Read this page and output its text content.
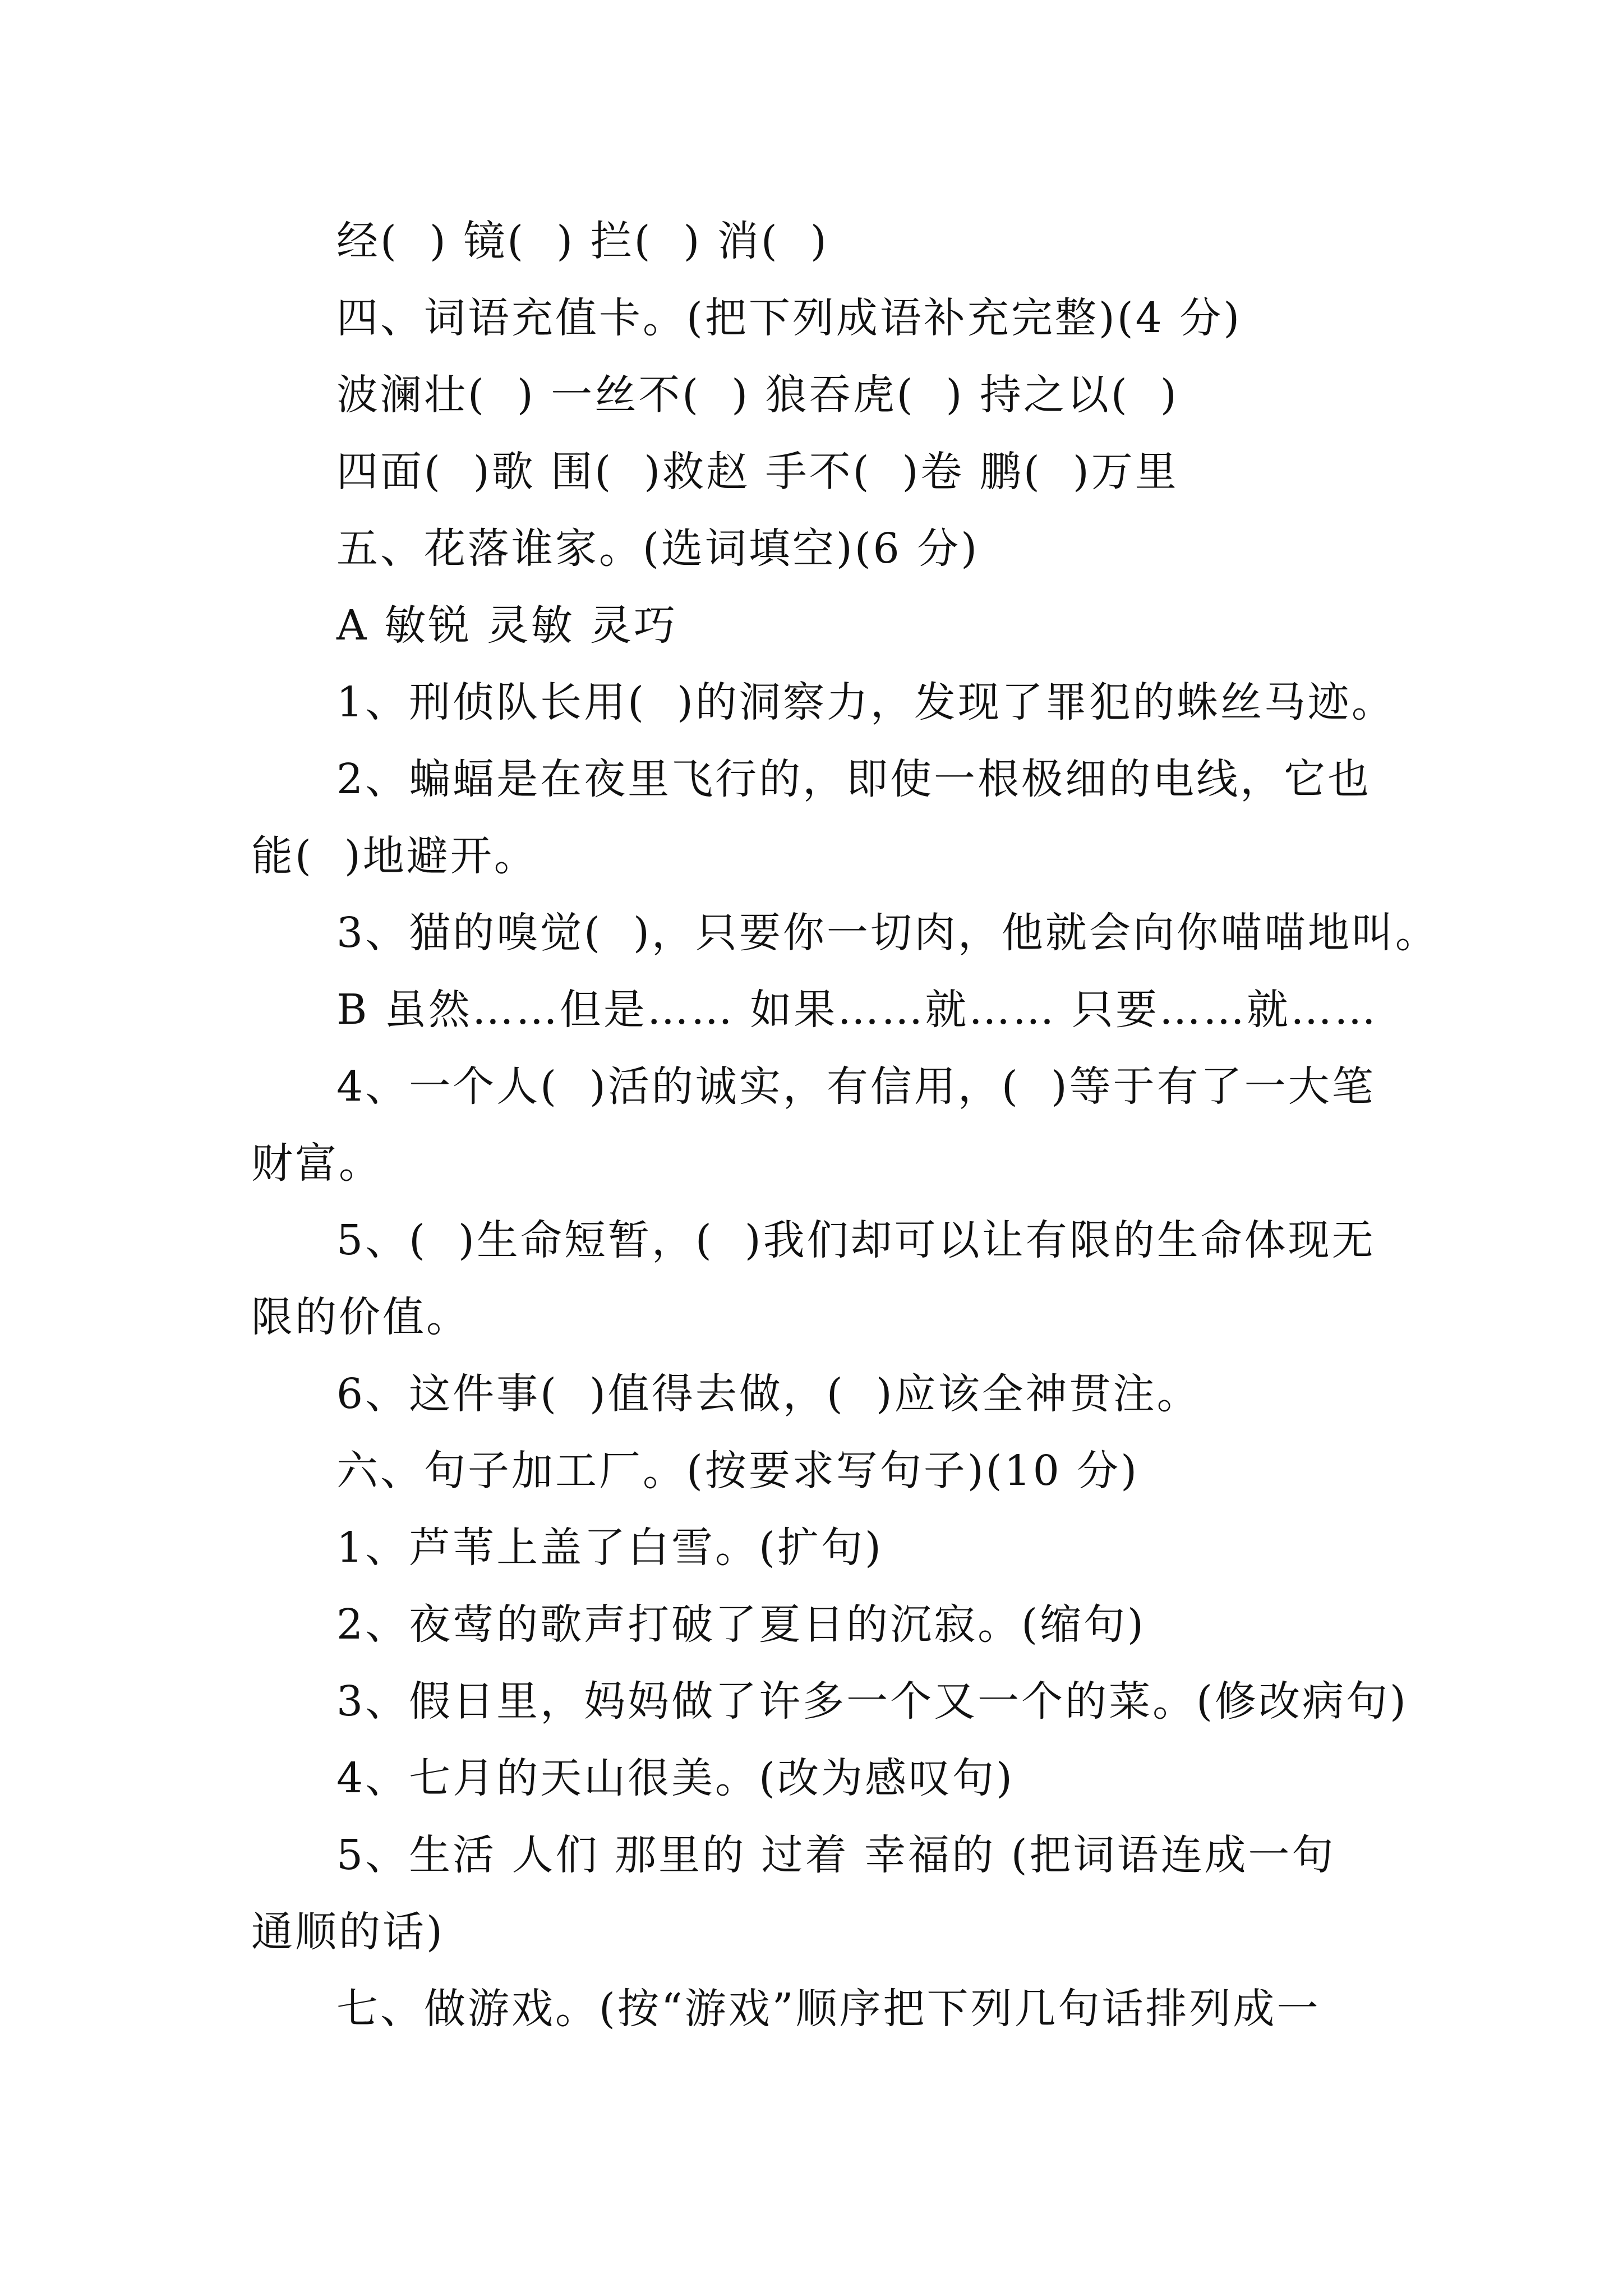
经(  ) 镜(  ) 拦(  ) 消(  )

四、词语充值卡。(把下列成语补充完整)(4 分)

波澜壮(  ) 一丝不(  ) 狼吞虎(  ) 持之以(  )

四面(  )歌 围(  )救赵 手不(  )卷 鹏(  )万里

五、花落谁家。(选词填空)(6 分)

A 敏锐 灵敏 灵巧

1、刑侦队长用(  )的洞察力，发现了罪犯的蛛丝马迹。

2、蝙蝠是在夜里飞行的，即使一根极细的电线，它也

能(  )地避开。

3、猫的嗅觉(  )，只要你一切肉，他就会向你喵喵地叫。

B 虽然……但是…… 如果……就…… 只要……就……

4、一个人(  )活的诚实，有信用，(  )等于有了一大笔

财富。

5、(  )生命短暂，(  )我们却可以让有限的生命体现无

限的价值。

6、这件事(  )值得去做，(  )应该全神贯注。

六、句子加工厂。(按要求写句子)(10 分)

1、芦苇上盖了白雪。(扩句)

2、夜莺的歌声打破了夏日的沉寂。(缩句)

3、假日里，妈妈做了许多一个又一个的菜。(修改病句)

4、七月的天山很美。(改为感叹句)

5、生活 人们 那里的 过着 幸福的 (把词语连成一句

通顺的话)

七、做游戏。(按“游戏”顺序把下列几句话排列成一
